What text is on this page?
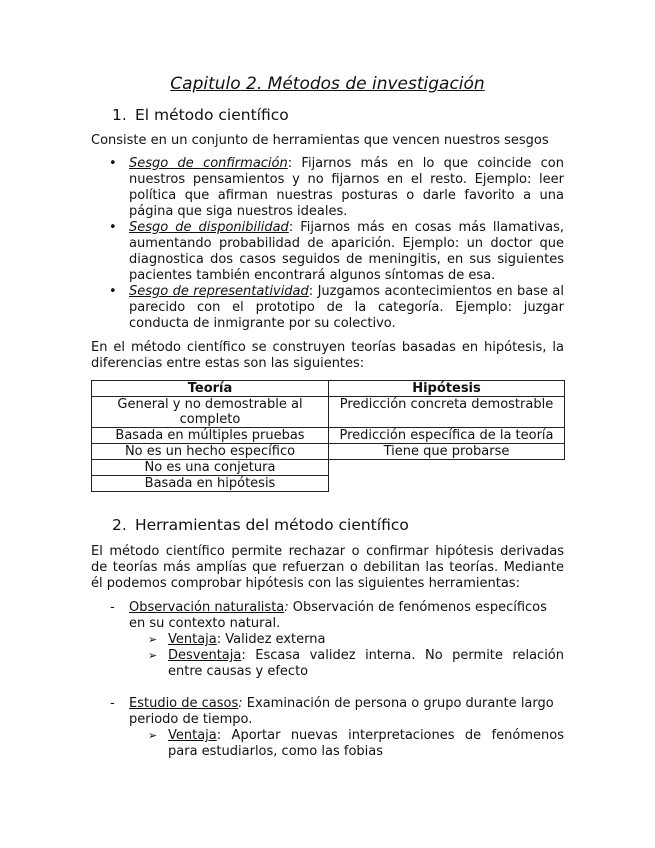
Capitulo 2. Métodos de investigación
1. El método científico
Consiste en un conjunto de herramientas que vencen nuestros sesgos
• Sesgo de confirmación: Fijarnos más en lo que coincide con nuestros pensamientos y no fijarnos en el resto. Ejemplo: leer política que afirman nuestras posturas o darle favorito a una página que siga nuestros ideales.
• Sesgo de disponibilidad: Fijarnos más en cosas más llamativas, aumentando probabilidad de aparición. Ejemplo: un doctor que diagnostica dos casos seguidos de meningitis, en sus siguientes pacientes también encontrará algunos síntomas de esa.
• Sesgo de representatividad: Juzgamos acontecimientos en base al parecido con el prototipo de la categoría. Ejemplo: juzgar conducta de inmigrante por su colectivo.
En el método científico se construyen teorías basadas en hipótesis, la diferencias entre estas son las siguientes:
Teoría	Hipótesis
General y no demostrable al completo	Predicción concreta demostrable
Basada en múltiples pruebas	Predicción específica de la teoría
No es un hecho específico	Tiene que probarse
No es una conjetura	
Basada en hipótesis	
2. Herramientas del método científico
El método científico permite rechazar o confirmar hipótesis derivadas de teorías más amplías que refuerzan o debilitan las teorías. Mediante él podemos comprobar hipótesis con las siguientes herramientas:
- Observación naturalista: Observación de fenómenos específicos en su contexto natural.
➢ Ventaja: Validez externa
➢ Desventaja: Escasa validez interna. No permite relación entre causas y efecto
- Estudio de casos: Examinación de persona o grupo durante largo periodo de tiempo.
➢ Ventaja: Aportar nuevas interpretaciones de fenómenos para estudiarlos, como las fobias
